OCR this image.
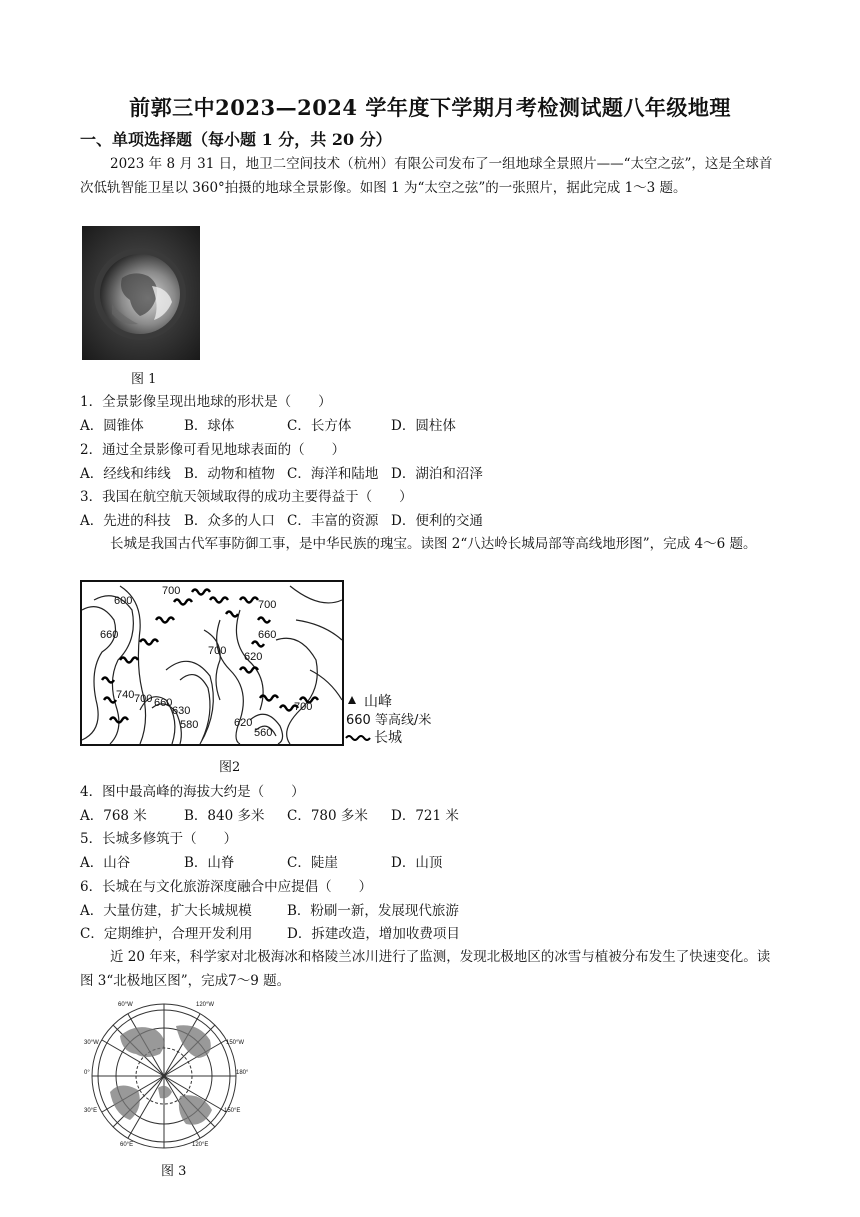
前郭三中2023—2024 学年度下学期月考检测试题八年级地理
一、单项选择题（每小题 1 分，共 20 分）
2023 年 8 月 31 日，地卫二空间技术（杭州）有限公司发布了一组地球全景照片——“太空之弦”，这是全球首次低轨智能卫星以 360°拍摄的地球全景影像。如图 1 为“太空之弦”的一张照片，据此完成 1～3 题。
图 1
1．全景影像呈现出地球的形状是（　　）
A．圆锥体	B．球体	C．长方体	D．圆柱体
2．通过全景影像可看见地球表面的（　　）
A．经线和纬线 B．动物和植物 C．海洋和陆地 D．湖泊和沼泽
3．我国在航空航天领域取得的成功主要得益于（　　）
A．先进的科技 B．众多的人口 C．丰富的资源 D．便利的交通
长城是我国古代军事防御工事，是中华民族的瑰宝。读图 2“八达岭长城局部等高线地形图”，完成 4～6 题。
600
700
700
660	660
700 620
740 700 660
630
580	620
560
700	山峰
660 等高线/米
长城
图2
4．图中最高峰的海拔大约是（　　）
A．768 米	B．840 多米 C．780 多米 D．721 米
5．长城多修筑于（　　）
A．山谷	B．山脊	C．陡崖	D．山顶
6．长城在与文化旅游深度融合中应提倡（　　）
A．大量仿建，扩大长城规模	B．粉刷一新，发展现代旅游
C．定期维护，合理开发利用	D．拆建改造，增加收费项目
近 20 年来，科学家对北极海冰和格陵兰冰川进行了监测，发现北极地区的冰雪与植被分布发生了快速变化。读图 3“北极地区图”，完成7～9 题。
60°W	120°W
30°W	150°W
0°	180°
30°E	150°E
60°E	120°E
图 3
